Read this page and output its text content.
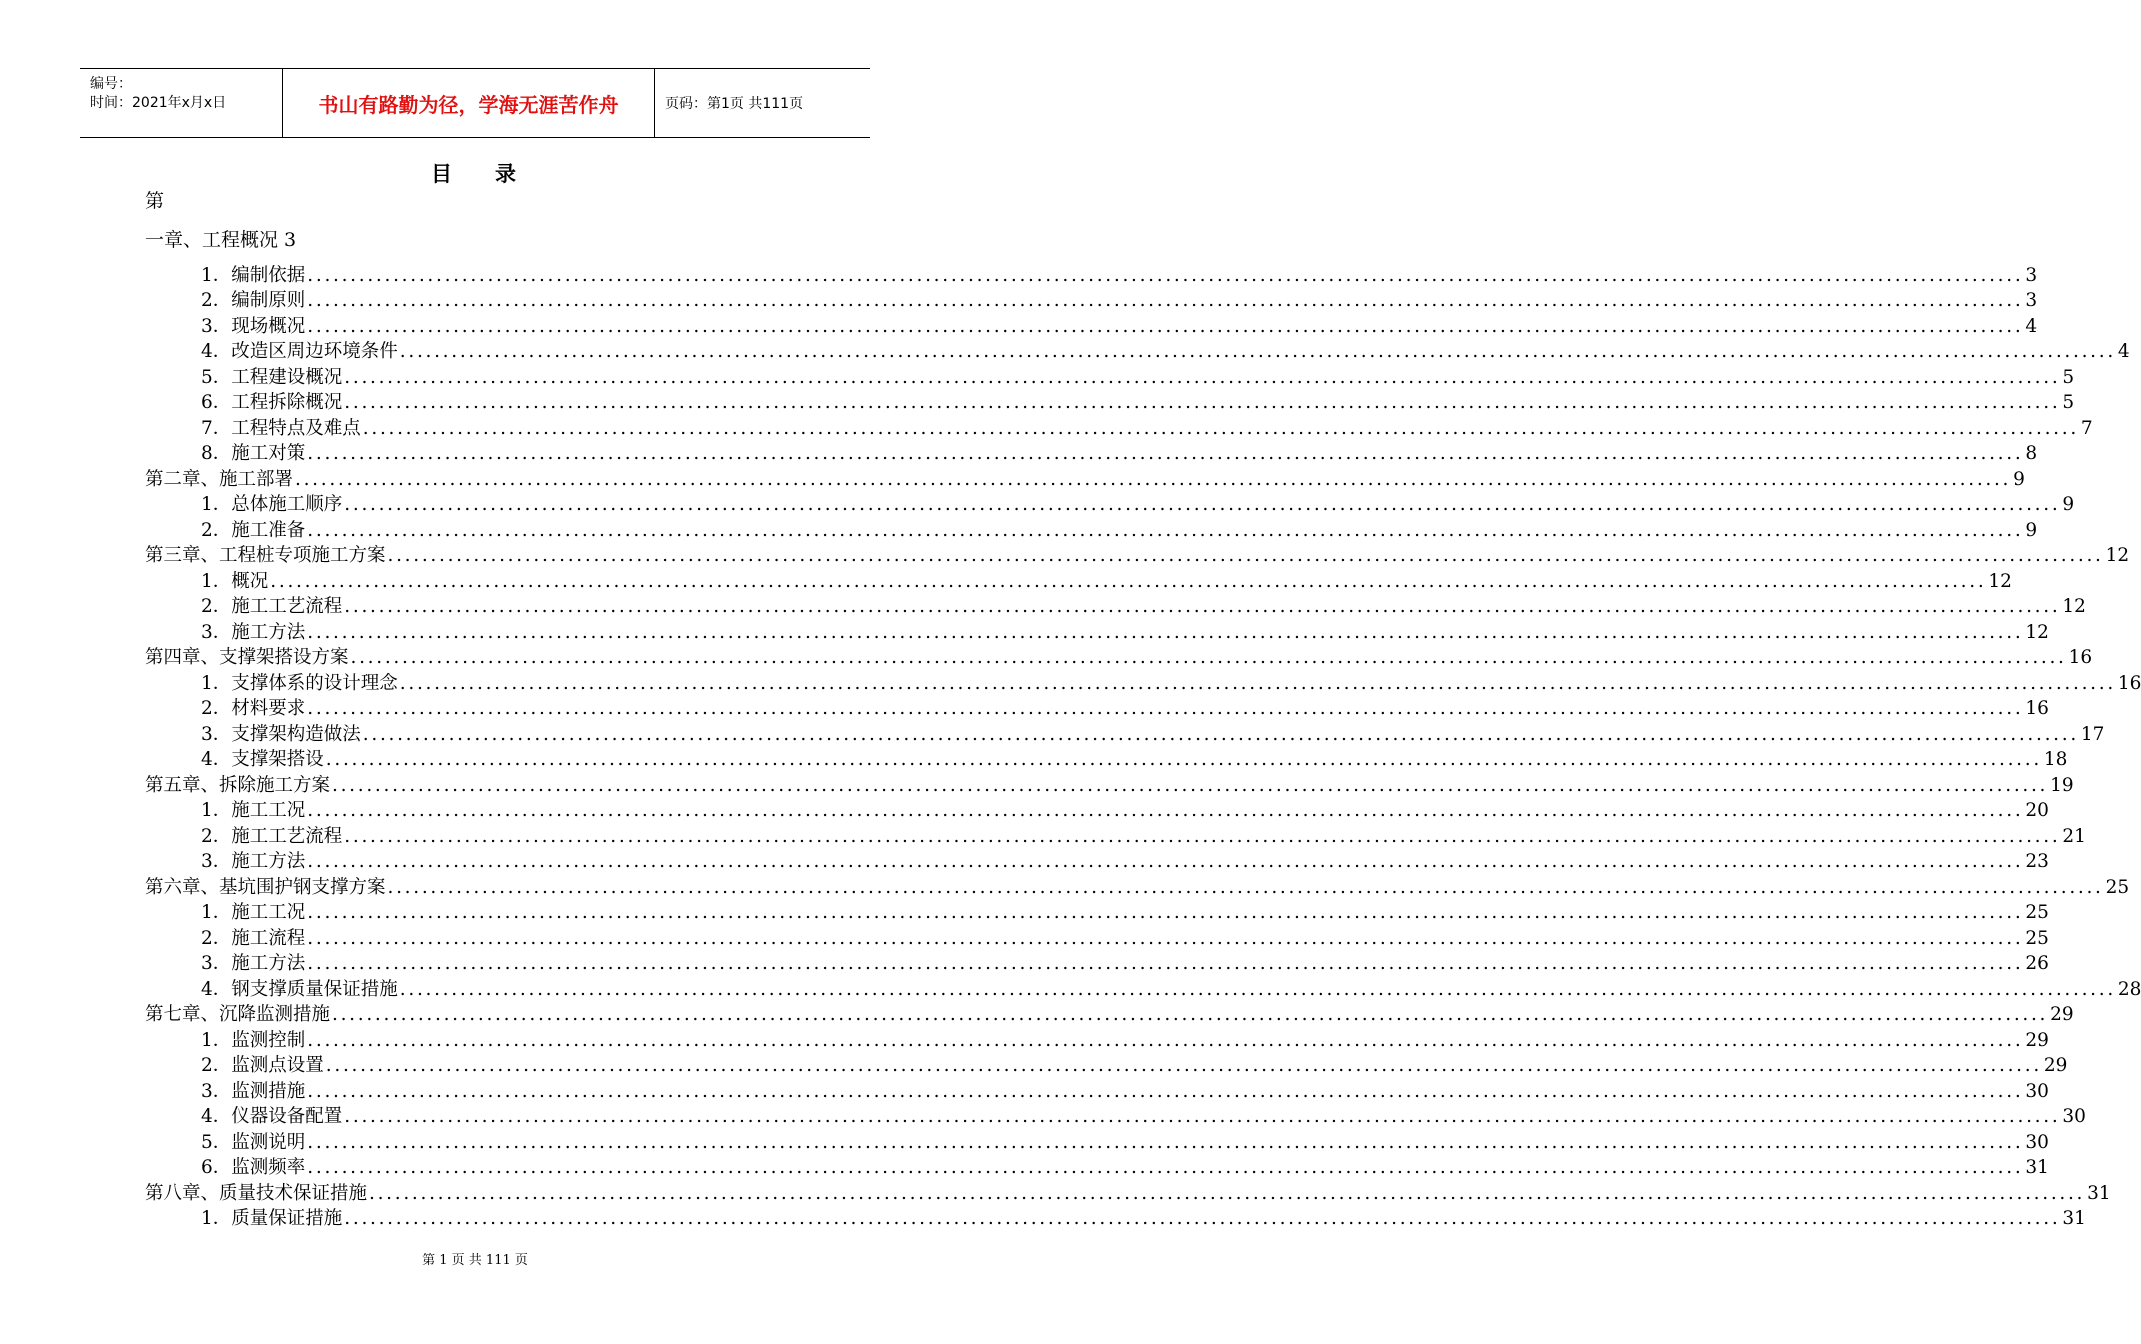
编号：
时间：2021年x月x日	书山有路勤为径，学海无涯苦作舟	页码：第1页 共111页
目 录
第
一章、工程概况 3
1．编制依据 ........................................................................................................................................................................................................ 3
2．编制原则 ........................................................................................................................................................................................................ 3
3．现场概况 ........................................................................................................................................................................................................ 4
4．改造区周边环境条件 ........................................................................................................................................................................................................ 4
5．工程建设概况 ........................................................................................................................................................................................................ 5
6．工程拆除概况 ........................................................................................................................................................................................................ 5
7．工程特点及难点 ........................................................................................................................................................................................................ 7
8．施工对策 ........................................................................................................................................................................................................ 8
第二章、施工部署 ........................................................................................................................................................................................................ 9
1．总体施工顺序 ........................................................................................................................................................................................................ 9
2．施工准备 ........................................................................................................................................................................................................ 9
第三章、工程桩专项施工方案 ........................................................................................................................................................................................................ 12
1．概况 ........................................................................................................................................................................................................ 12
2．施工工艺流程 ........................................................................................................................................................................................................ 12
3．施工方法 ........................................................................................................................................................................................................ 12
第四章、支撑架搭设方案 ........................................................................................................................................................................................................ 16
1．支撑体系的设计理念 ........................................................................................................................................................................................................ 16
2．材料要求 ........................................................................................................................................................................................................ 16
3．支撑架构造做法 ........................................................................................................................................................................................................ 17
4．支撑架搭设 ........................................................................................................................................................................................................ 18
第五章、拆除施工方案 ........................................................................................................................................................................................................ 19
1．施工工况 ........................................................................................................................................................................................................ 20
2．施工工艺流程 ........................................................................................................................................................................................................ 21
3．施工方法 ........................................................................................................................................................................................................ 23
第六章、基坑围护钢支撑方案 ........................................................................................................................................................................................................ 25
1．施工工况 ........................................................................................................................................................................................................ 25
2．施工流程 ........................................................................................................................................................................................................ 25
3．施工方法 ........................................................................................................................................................................................................ 26
4．钢支撑质量保证措施 ........................................................................................................................................................................................................ 28
第七章、沉降监测措施 ........................................................................................................................................................................................................ 29
1．监测控制 ........................................................................................................................................................................................................ 29
2．监测点设置 ........................................................................................................................................................................................................ 29
3．监测措施 ........................................................................................................................................................................................................ 30
4．仪器设备配置 ........................................................................................................................................................................................................ 30
5．监测说明 ........................................................................................................................................................................................................ 30
6．监测频率 ........................................................................................................................................................................................................ 31
第八章、质量技术保证措施 ........................................................................................................................................................................................................ 31
1．质量保证措施 ........................................................................................................................................................................................................ 31
第 1 页 共 111 页
